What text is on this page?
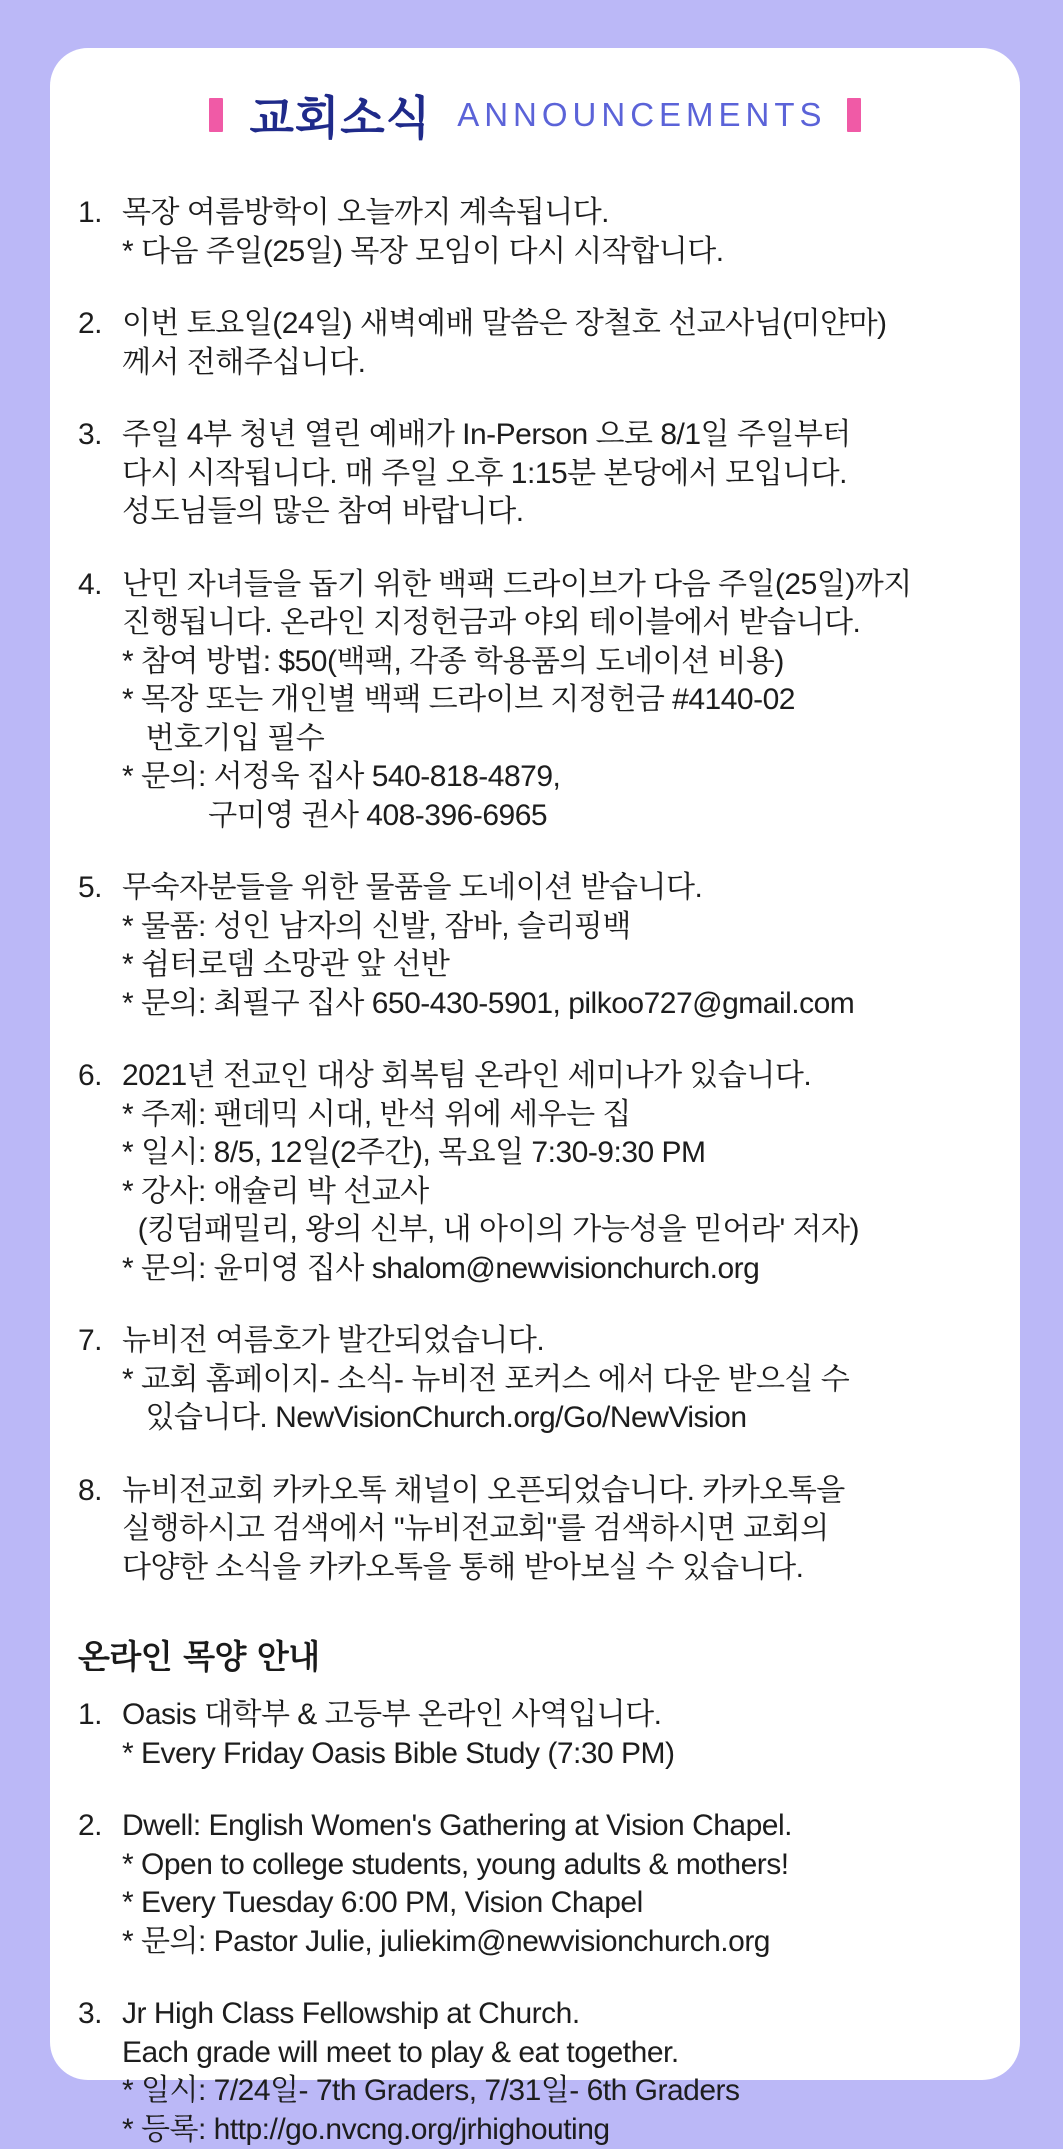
교회소식 ANNOUNCEMENTS
1. 목장 여름방학이 오늘까지 계속됩니다.
* 다음 주일(25일) 목장 모임이 다시 시작합니다.
2. 이번 토요일(24일) 새벽예배 말씀은 장철호 선교사님(미얀마)
께서 전해주십니다.
3. 주일 4부 청년 열린 예배가 In-Person 으로 8/1일 주일부터
다시 시작됩니다. 매 주일 오후 1:15분 본당에서 모입니다.
성도님들의 많은 참여 바랍니다.
4. 난민 자녀들을 돕기 위한 백팩 드라이브가 다음 주일(25일)까지
진행됩니다. 온라인 지정헌금과 야외 테이블에서 받습니다.
* 참여 방법: $50(백팩, 각종 학용품의 도네이션 비용)
* 목장 또는 개인별 백팩 드라이브 지정헌금 #4140-02
번호기입 필수
* 문의: 서정욱 집사 540-818-4879,
구미영 권사 408-396-6965
5. 무숙자분들을 위한 물품을 도네이션 받습니다.
* 물품: 성인 남자의 신발, 잠바, 슬리핑백
* 쉼터로뎀 소망관 앞 선반
* 문의: 최필구 집사 650-430-5901, pilkoo727@gmail.com
6. 2021년 전교인 대상 회복팀 온라인 세미나가 있습니다.
* 주제: 팬데믹 시대, 반석 위에 세우는 집
* 일시: 8/5, 12일(2주간), 목요일 7:30-9:30 PM
* 강사: 애슐리 박 선교사
(킹덤패밀리, 왕의 신부, 내 아이의 가능성을 믿어라' 저자)
* 문의: 윤미영 집사 shalom@newvisionchurch.org
7. 뉴비전 여름호가 발간되었습니다.
* 교회 홈페이지- 소식- 뉴비전 포커스 에서 다운 받으실 수
있습니다. NewVisionChurch.org/Go/NewVision
8. 뉴비전교회 카카오톡 채널이 오픈되었습니다. 카카오톡을
실행하시고 검색에서 "뉴비전교회"를 검색하시면 교회의
다양한 소식을 카카오톡을 통해 받아보실 수 있습니다.
온라인 목양 안내
1. Oasis 대학부 & 고등부 온라인 사역입니다.
* Every Friday Oasis Bible Study (7:30 PM)
2. Dwell: English Women's Gathering at Vision Chapel.
* Open to college students, young adults & mothers!
* Every Tuesday 6:00 PM, Vision Chapel
* 문의: Pastor Julie, juliekim@newvisionchurch.org
3. Jr High Class Fellowship at Church.
Each grade will meet to play & eat together.
* 일시: 7/24일- 7th Graders, 7/31일- 6th Graders
* 등록: http://go.nvcng.org/jrhighouting
